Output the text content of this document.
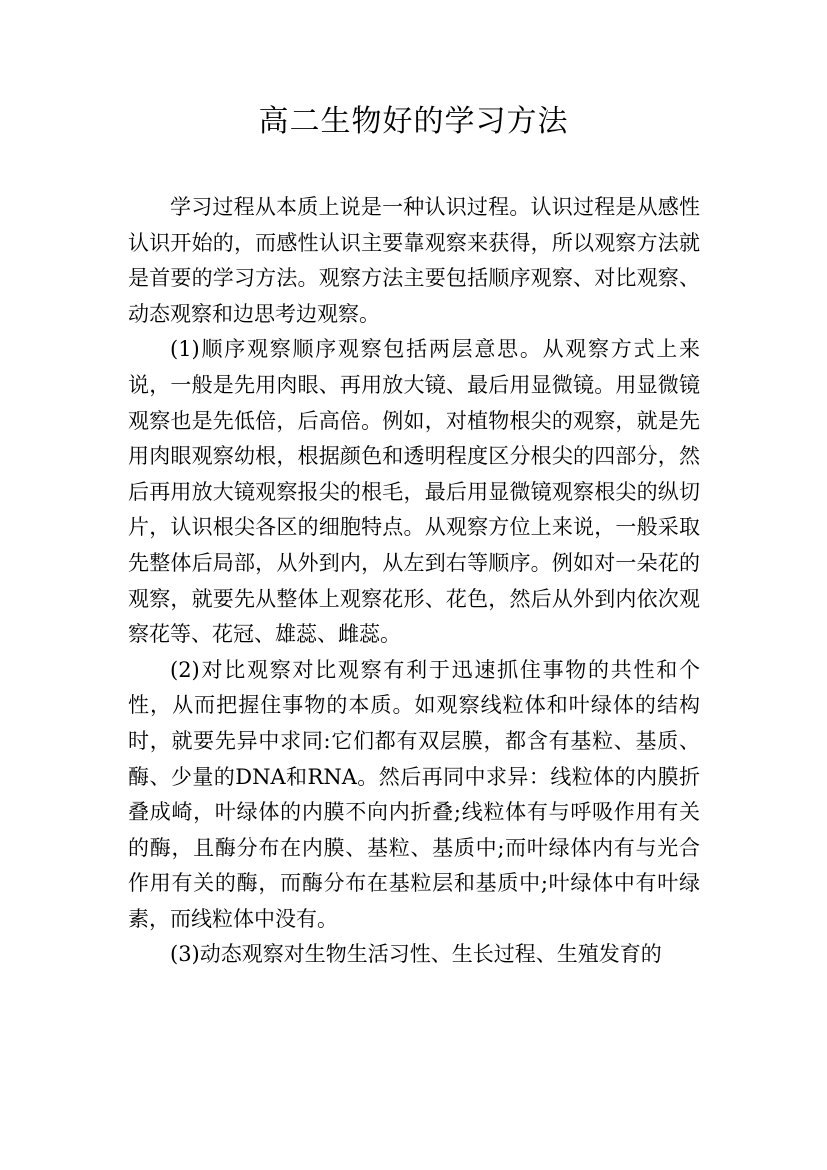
高二生物好的学习方法

学习过程从本质上说是一种认识过程。认识过程是从感性认识开始的，而感性认识主要靠观察来获得，所以观察方法就是首要的学习方法。观察方法主要包括顺序观察、对比观察、动态观察和边思考边观察。

(1)顺序观察顺序观察包括两层意思。从观察方式上来说，一般是先用肉眼、再用放大镜、最后用显微镜。用显微镜观察也是先低倍，后高倍。例如，对植物根尖的观察，就是先用肉眼观察幼根，根据颜色和透明程度区分根尖的四部分，然后再用放大镜观察报尖的根毛，最后用显微镜观察根尖的纵切片，认识根尖各区的细胞特点。从观察方位上来说，一般采取先整体后局部，从外到内，从左到右等顺序。例如对一朵花的观察，就要先从整体上观察花形、花色，然后从外到内依次观察花等、花冠、雄蕊、雌蕊。

(2)对比观察对比观察有利于迅速抓住事物的共性和个性，从而把握住事物的本质。如观察线粒体和叶绿体的结构时，就要先异中求同:它们都有双层膜，都含有基粒、基质、酶、少量的DNA和RNA。然后再同中求异：线粒体的内膜折叠成崎，叶绿体的内膜不向内折叠;线粒体有与呼吸作用有关的酶，且酶分布在内膜、基粒、基质中;而叶绿体内有与光合作用有关的酶，而酶分布在基粒层和基质中;叶绿体中有叶绿素，而线粒体中没有。

(3)动态观察对生物生活习性、生长过程、生殖发育的
